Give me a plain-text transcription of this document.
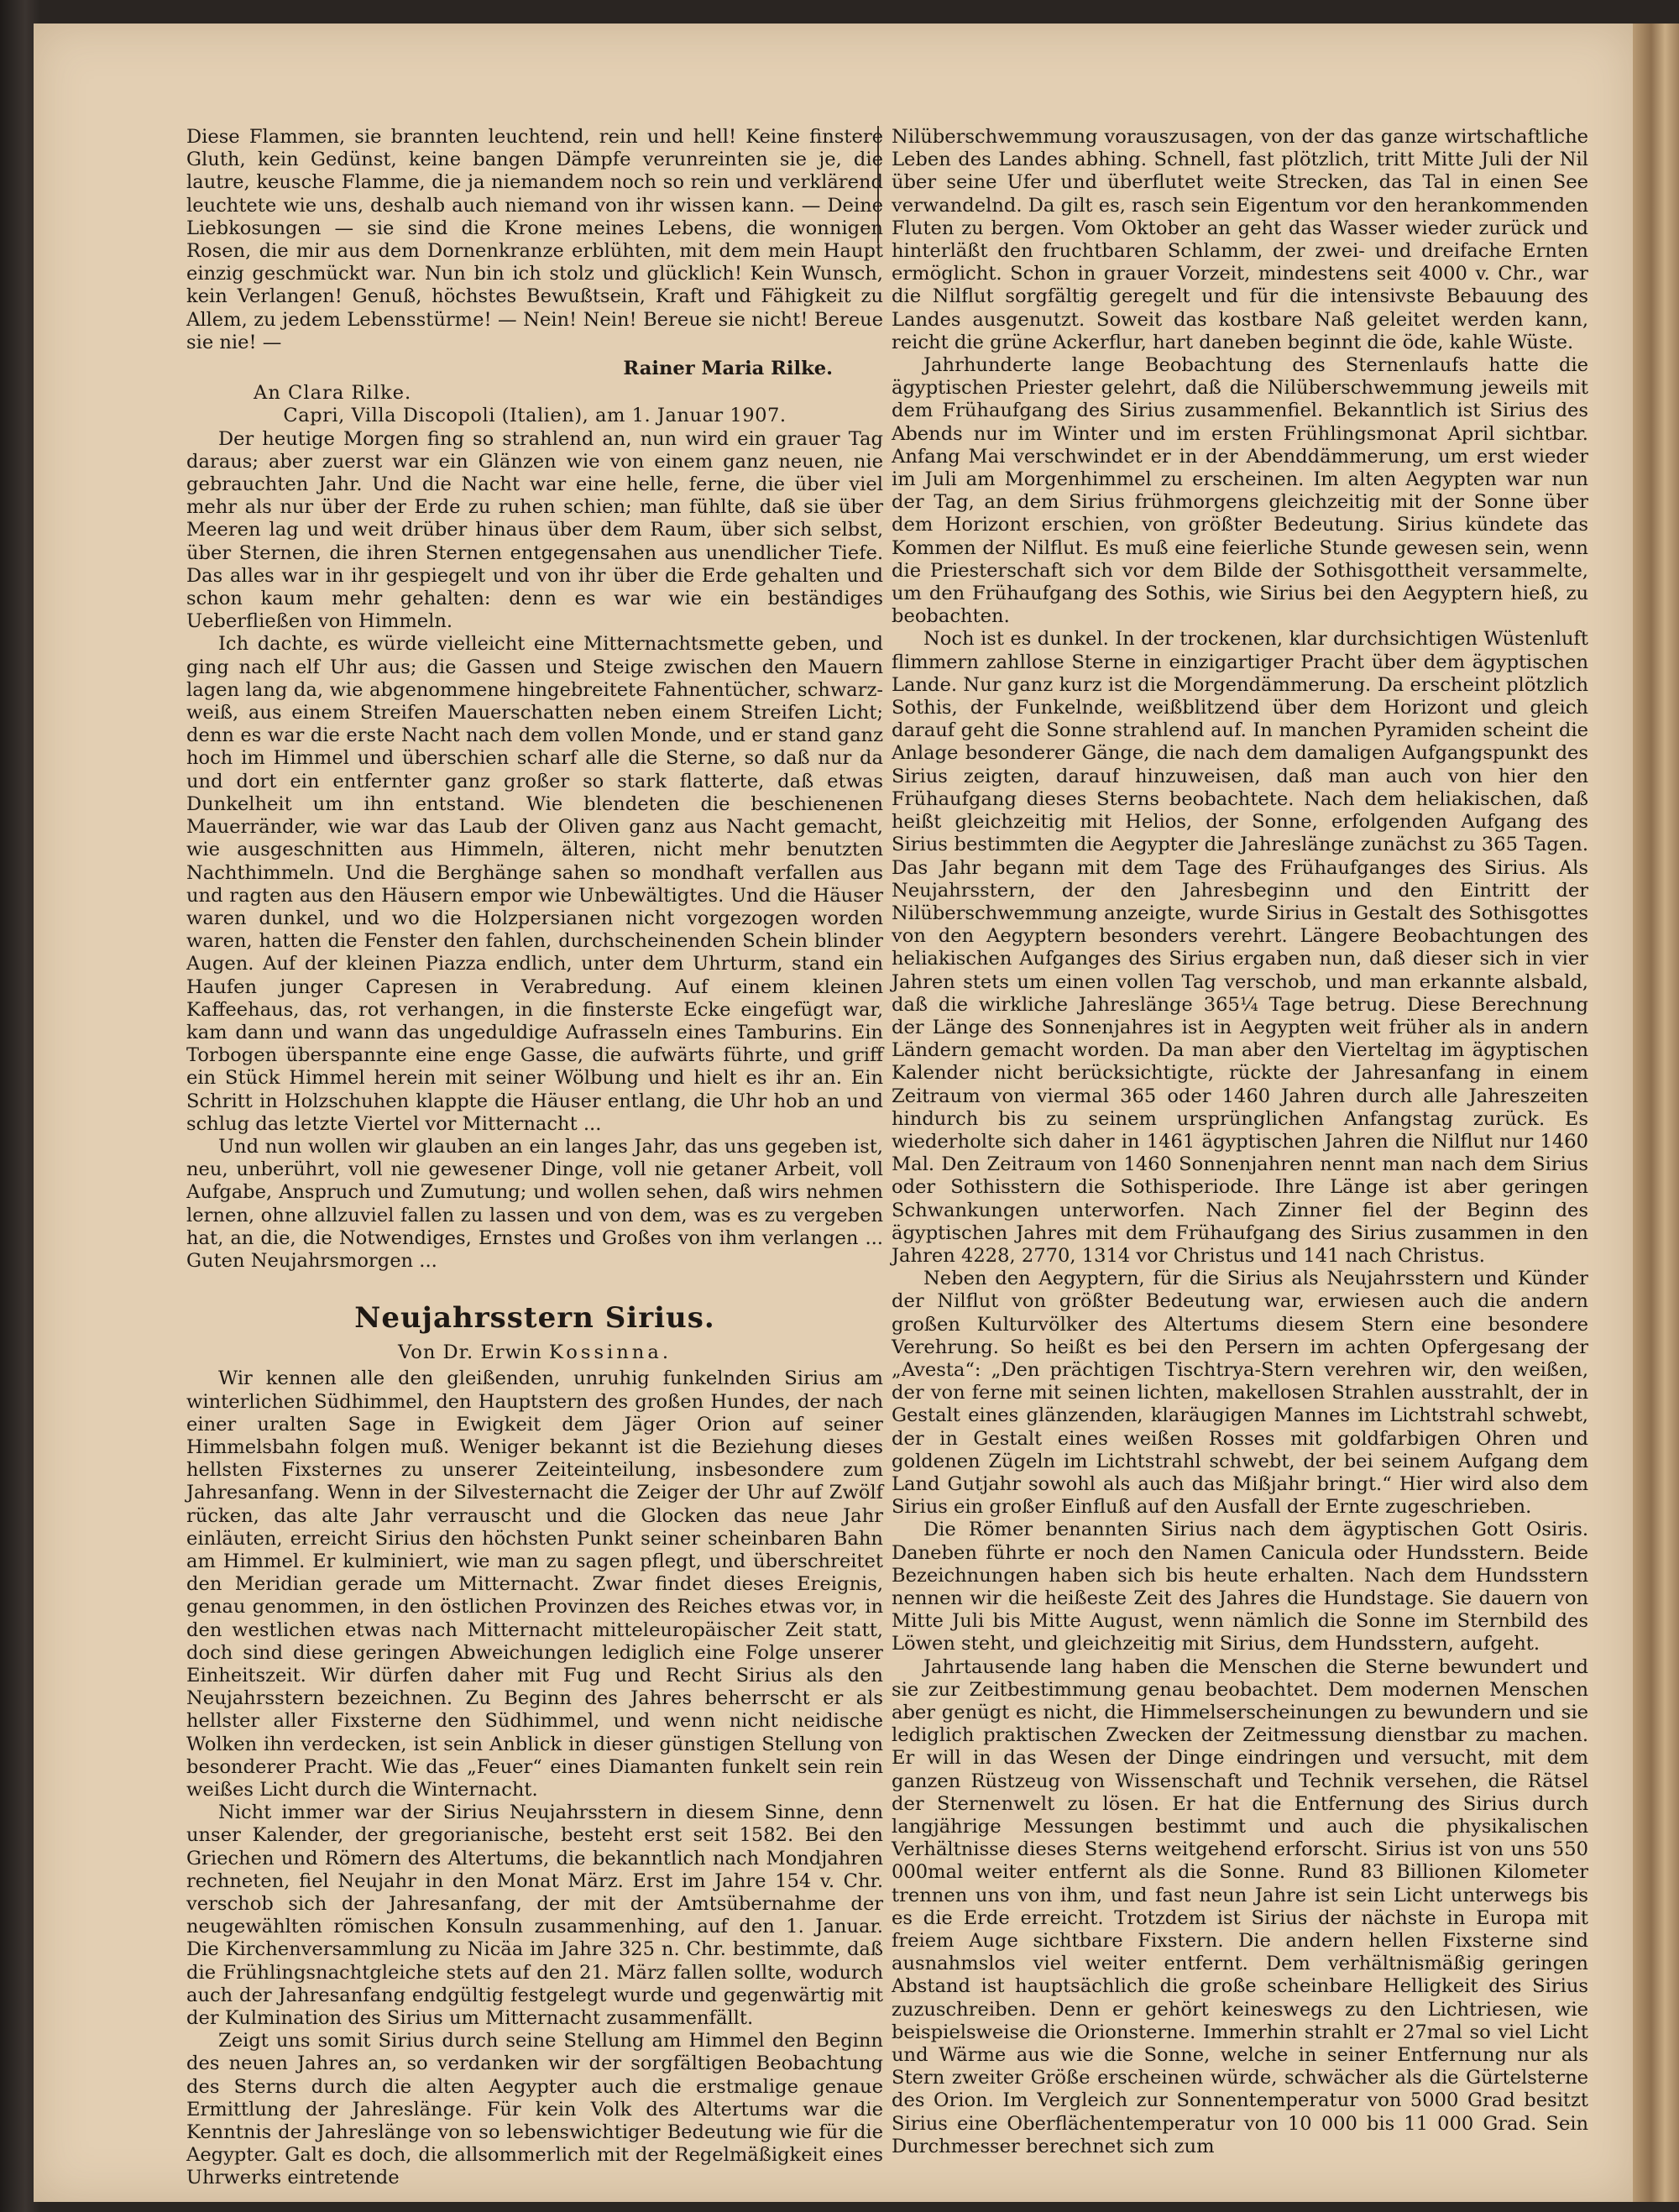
Diese Flammen, sie brannten leuchtend, rein und hell! Keine finstere Gluth, kein Gedünst, keine bangen Dämpfe verunreinten sie je, die lautre, keusche Flamme, die ja niemandem noch so rein und verklärend leuchtete wie uns, deshalb auch niemand von ihr wissen kann. — Deine Liebkosungen — sie sind die Krone meines Lebens, die wonnigen Rosen, die mir aus dem Dornenkranze erblühten, mit dem mein Haupt einzig geschmückt war. Nun bin ich stolz und glücklich! Kein Wunsch, kein Verlangen! Genuß, höchstes Bewußtsein, Kraft und Fähigkeit zu Allem, zu jedem Lebensstürme! — Nein! Nein! Bereue sie nicht! Bereue sie nie! —

Rainer Maria Rilke.

An Clara Rilke.

Capri, Villa Discopoli (Italien), am 1. Januar 1907.

Der heutige Morgen fing so strahlend an, nun wird ein grauer Tag daraus; aber zuerst war ein Glänzen wie von einem ganz neuen, nie gebrauchten Jahr. Und die Nacht war eine helle, ferne, die über viel mehr als nur über der Erde zu ruhen schien; man fühlte, daß sie über Meeren lag und weit drüber hinaus über dem Raum, über sich selbst, über Sternen, die ihren Sternen entgegensahen aus unendlicher Tiefe. Das alles war in ihr gespiegelt und von ihr über die Erde gehalten und schon kaum mehr gehalten: denn es war wie ein beständiges Ueberfließen von Himmeln.

Ich dachte, es würde vielleicht eine Mitternachtsmette geben, und ging nach elf Uhr aus; die Gassen und Steige zwischen den Mauern lagen lang da, wie abgenommene hingebreitete Fahnentücher, schwarz-weiß, aus einem Streifen Mauerschatten neben einem Streifen Licht; denn es war die erste Nacht nach dem vollen Monde, und er stand ganz hoch im Himmel und überschien scharf alle die Sterne, so daß nur da und dort ein entfernter ganz großer so stark flatterte, daß etwas Dunkelheit um ihn entstand. Wie blendeten die beschienenen Mauerränder, wie war das Laub der Oliven ganz aus Nacht gemacht, wie ausgeschnitten aus Himmeln, älteren, nicht mehr benutzten Nachthimmeln. Und die Berghänge sahen so mondhaft verfallen aus und ragten aus den Häusern empor wie Unbewältigtes. Und die Häuser waren dunkel, und wo die Holzpersianen nicht vorgezogen worden waren, hatten die Fenster den fahlen, durchscheinenden Schein blinder Augen. Auf der kleinen Piazza endlich, unter dem Uhrturm, stand ein Haufen junger Capresen in Verabredung. Auf einem kleinen Kaffeehaus, das, rot verhangen, in die finsterste Ecke eingefügt war, kam dann und wann das ungeduldige Aufrasseln eines Tamburins. Ein Torbogen überspannte eine enge Gasse, die aufwärts führte, und griff ein Stück Himmel herein mit seiner Wölbung und hielt es ihr an. Ein Schritt in Holzschuhen klappte die Häuser entlang, die Uhr hob an und schlug das letzte Viertel vor Mitternacht ...

Und nun wollen wir glauben an ein langes Jahr, das uns gegeben ist, neu, unberührt, voll nie gewesener Dinge, voll nie getaner Arbeit, voll Aufgabe, Anspruch und Zumutung; und wollen sehen, daß wirs nehmen lernen, ohne allzuviel fallen zu lassen und von dem, was es zu vergeben hat, an die, die Notwendiges, Ernstes und Großes von ihm verlangen ... Guten Neujahrsmorgen ...

Neujahrsstern Sirius.

Von Dr. Erwin Kossinna.

Wir kennen alle den gleißenden, unruhig funkelnden Sirius am winterlichen Südhimmel, den Hauptstern des großen Hundes, der nach einer uralten Sage in Ewigkeit dem Jäger Orion auf seiner Himmelsbahn folgen muß. Weniger bekannt ist die Beziehung dieses hellsten Fixsternes zu unserer Zeiteinteilung, insbesondere zum Jahresanfang. Wenn in der Silvesternacht die Zeiger der Uhr auf Zwölf rücken, das alte Jahr verrauscht und die Glocken das neue Jahr einläuten, erreicht Sirius den höchsten Punkt seiner scheinbaren Bahn am Himmel. Er kulminiert, wie man zu sagen pflegt, und überschreitet den Meridian gerade um Mitternacht. Zwar findet dieses Ereignis, genau genommen, in den östlichen Provinzen des Reiches etwas vor, in den westlichen etwas nach Mitternacht mitteleuropäischer Zeit statt, doch sind diese geringen Abweichungen lediglich eine Folge unserer Einheitszeit. Wir dürfen daher mit Fug und Recht Sirius als den Neujahrsstern bezeichnen. Zu Beginn des Jahres beherrscht er als hellster aller Fixsterne den Südhimmel, und wenn nicht neidische Wolken ihn verdecken, ist sein Anblick in dieser günstigen Stellung von besonderer Pracht. Wie das „Feuer“ eines Diamanten funkelt sein rein weißes Licht durch die Winternacht.

Nicht immer war der Sirius Neujahrsstern in diesem Sinne, denn unser Kalender, der gregorianische, besteht erst seit 1582. Bei den Griechen und Römern des Altertums, die bekanntlich nach Mondjahren rechneten, fiel Neujahr in den Monat März. Erst im Jahre 154 v. Chr. verschob sich der Jahresanfang, der mit der Amtsübernahme der neugewählten römischen Konsuln zusammenhing, auf den 1. Januar. Die Kirchenversammlung zu Nicäa im Jahre 325 n. Chr. bestimmte, daß die Frühlingsnachtgleiche stets auf den 21. März fallen sollte, wodurch auch der Jahresanfang endgültig festgelegt wurde und gegenwärtig mit der Kulmination des Sirius um Mitternacht zusammenfällt.

Zeigt uns somit Sirius durch seine Stellung am Himmel den Beginn des neuen Jahres an, so verdanken wir der sorgfältigen Beobachtung des Sterns durch die alten Aegypter auch die erstmalige genaue Ermittlung der Jahreslänge. Für kein Volk des Altertums war die Kenntnis der Jahreslänge von so lebenswichtiger Bedeutung wie für die Aegypter. Galt es doch, die allsommerlich mit der Regelmäßigkeit eines Uhrwerks eintretende

Nilüberschwemmung vorauszusagen, von der das ganze wirtschaftliche Leben des Landes abhing. Schnell, fast plötzlich, tritt Mitte Juli der Nil über seine Ufer und überflutet weite Strecken, das Tal in einen See verwandelnd. Da gilt es, rasch sein Eigentum vor den herankommenden Fluten zu bergen. Vom Oktober an geht das Wasser wieder zurück und hinterläßt den fruchtbaren Schlamm, der zwei- und dreifache Ernten ermöglicht. Schon in grauer Vorzeit, mindestens seit 4000 v. Chr., war die Nilflut sorgfältig geregelt und für die intensivste Bebauung des Landes ausgenutzt. Soweit das kostbare Naß geleitet werden kann, reicht die grüne Ackerflur, hart daneben beginnt die öde, kahle Wüste.

Jahrhunderte lange Beobachtung des Sternenlaufs hatte die ägyptischen Priester gelehrt, daß die Nilüberschwemmung jeweils mit dem Frühaufgang des Sirius zusammenfiel. Bekanntlich ist Sirius des Abends nur im Winter und im ersten Frühlingsmonat April sichtbar. Anfang Mai verschwindet er in der Abenddämmerung, um erst wieder im Juli am Morgenhimmel zu erscheinen. Im alten Aegypten war nun der Tag, an dem Sirius frühmorgens gleichzeitig mit der Sonne über dem Horizont erschien, von größter Bedeutung. Sirius kündete das Kommen der Nilflut. Es muß eine feierliche Stunde gewesen sein, wenn die Priesterschaft sich vor dem Bilde der Sothisgottheit versammelte, um den Frühaufgang des Sothis, wie Sirius bei den Aegyptern hieß, zu beobachten.

Noch ist es dunkel. In der trockenen, klar durchsichtigen Wüstenluft flimmern zahllose Sterne in einzigartiger Pracht über dem ägyptischen Lande. Nur ganz kurz ist die Morgendämmerung. Da erscheint plötzlich Sothis, der Funkelnde, weißblitzend über dem Horizont und gleich darauf geht die Sonne strahlend auf. In manchen Pyramiden scheint die Anlage besonderer Gänge, die nach dem damaligen Aufgangspunkt des Sirius zeigten, darauf hinzuweisen, daß man auch von hier den Frühaufgang dieses Sterns beobachtete. Nach dem heliakischen, daß heißt gleichzeitig mit Helios, der Sonne, erfolgenden Aufgang des Sirius bestimmten die Aegypter die Jahreslänge zunächst zu 365 Tagen. Das Jahr begann mit dem Tage des Frühaufganges des Sirius. Als Neujahrsstern, der den Jahresbeginn und den Eintritt der Nilüberschwemmung anzeigte, wurde Sirius in Gestalt des Sothisgottes von den Aegyptern besonders verehrt. Längere Beobachtungen des heliakischen Aufganges des Sirius ergaben nun, daß dieser sich in vier Jahren stets um einen vollen Tag verschob, und man erkannte alsbald, daß die wirkliche Jahreslänge 365¼ Tage betrug. Diese Berechnung der Länge des Sonnenjahres ist in Aegypten weit früher als in andern Ländern gemacht worden. Da man aber den Vierteltag im ägyptischen Kalender nicht berücksichtigte, rückte der Jahresanfang in einem Zeitraum von viermal 365 oder 1460 Jahren durch alle Jahreszeiten hindurch bis zu seinem ursprünglichen Anfangstag zurück. Es wiederholte sich daher in 1461 ägyptischen Jahren die Nilflut nur 1460 Mal. Den Zeitraum von 1460 Sonnenjahren nennt man nach dem Sirius oder Sothisstern die Sothisperiode. Ihre Länge ist aber geringen Schwankungen unterworfen. Nach Zinner fiel der Beginn des ägyptischen Jahres mit dem Frühaufgang des Sirius zusammen in den Jahren 4228, 2770, 1314 vor Christus und 141 nach Christus.

Neben den Aegyptern, für die Sirius als Neujahrsstern und Künder der Nilflut von größter Bedeutung war, erwiesen auch die andern großen Kulturvölker des Altertums diesem Stern eine besondere Verehrung. So heißt es bei den Persern im achten Opfergesang der „Avesta“: „Den prächtigen Tischtrya-Stern verehren wir, den weißen, der von ferne mit seinen lichten, makellosen Strahlen ausstrahlt, der in Gestalt eines glänzenden, klaräugigen Mannes im Lichtstrahl schwebt, der in Gestalt eines weißen Rosses mit goldfarbigen Ohren und goldenen Zügeln im Lichtstrahl schwebt, der bei seinem Aufgang dem Land Gutjahr sowohl als auch das Mißjahr bringt.“ Hier wird also dem Sirius ein großer Einfluß auf den Ausfall der Ernte zugeschrieben.

Die Römer benannten Sirius nach dem ägyptischen Gott Osiris. Daneben führte er noch den Namen Canicula oder Hundsstern. Beide Bezeichnungen haben sich bis heute erhalten. Nach dem Hundsstern nennen wir die heißeste Zeit des Jahres die Hundstage. Sie dauern von Mitte Juli bis Mitte August, wenn nämlich die Sonne im Sternbild des Löwen steht, und gleichzeitig mit Sirius, dem Hundsstern, aufgeht.

Jahrtausende lang haben die Menschen die Sterne bewundert und sie zur Zeitbestimmung genau beobachtet. Dem modernen Menschen aber genügt es nicht, die Himmelserscheinungen zu bewundern und sie lediglich praktischen Zwecken der Zeitmessung dienstbar zu machen. Er will in das Wesen der Dinge eindringen und versucht, mit dem ganzen Rüstzeug von Wissenschaft und Technik versehen, die Rätsel der Sternenwelt zu lösen. Er hat die Entfernung des Sirius durch langjährige Messungen bestimmt und auch die physikalischen Verhältnisse dieses Sterns weitgehend erforscht. Sirius ist von uns 550 000mal weiter entfernt als die Sonne. Rund 83 Billionen Kilometer trennen uns von ihm, und fast neun Jahre ist sein Licht unterwegs bis es die Erde erreicht. Trotzdem ist Sirius der nächste in Europa mit freiem Auge sichtbare Fixstern. Die andern hellen Fixsterne sind ausnahmslos viel weiter entfernt. Dem verhältnismäßig geringen Abstand ist hauptsächlich die große scheinbare Helligkeit des Sirius zuzuschreiben. Denn er gehört keineswegs zu den Lichtriesen, wie beispielsweise die Orionsterne. Immerhin strahlt er 27mal so viel Licht und Wärme aus wie die Sonne, welche in seiner Entfernung nur als Stern zweiter Größe erscheinen würde, schwächer als die Gürtelsterne des Orion. Im Vergleich zur Sonnentemperatur von 5000 Grad besitzt Sirius eine Oberflächentemperatur von 10 000 bis 11 000 Grad. Sein Durchmesser berechnet sich zum
